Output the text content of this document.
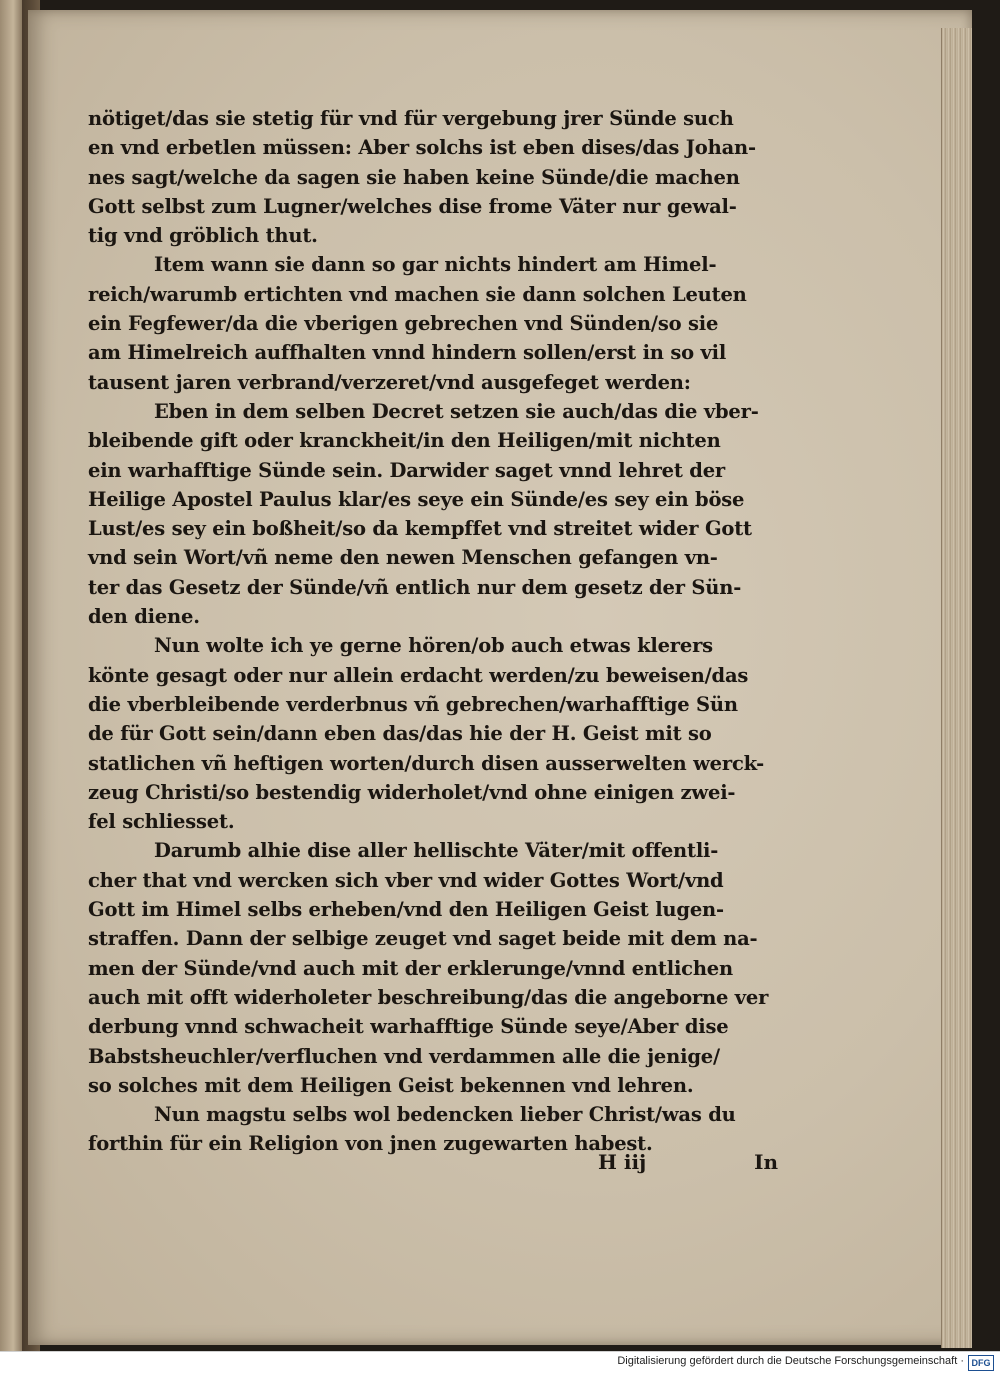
nötiget/das sie stetig für vnd für vergebung jrer Sünde such
en vnd erbetlen müssen: Aber solchs ist eben dises/das Johan-
nes sagt/welche da sagen sie haben keine Sünde/die machen
Gott selbst zum Lugner/welches dise frome Väter nur gewal-
tig vnd gröblich thut.
Item wann sie dann so gar nichts hindert am Himel-
reich/warumb ertichten vnd machen sie dann solchen Leuten
ein Fegfewer/da die vberigen gebrechen vnd Sünden/so sie
am Himelreich auffhalten vnnd hindern sollen/erst in so vil
tausent jaren verbrand/verzeret/vnd ausgefeget werden:
Eben in dem selben Decret setzen sie auch/das die vber-
bleibende gift oder kranckheit/in den Heiligen/mit nichten
ein warhafftige Sünde sein. Darwider saget vnnd lehret der
Heilige Apostel Paulus klar/es seye ein Sünde/es sey ein böse
Lust/es sey ein boßheit/so da kempffet vnd streitet wider Gott
vnd sein Wort/vñ neme den newen Menschen gefangen vn-
ter das Gesetz der Sünde/vñ entlich nur dem gesetz der Sün-
den diene.
Nun wolte ich ye gerne hören/ob auch etwas klerers
könte gesagt oder nur allein erdacht werden/zu beweisen/das
die vberbleibende verderbnus vñ gebrechen/warhafftige Sün
de für Gott sein/dann eben das/das hie der H. Geist mit so
statlichen vñ heftigen worten/durch disen ausserwelten werck-
zeug Christi/so bestendig widerholet/vnd ohne einigen zwei-
fel schliesset.
Darumb alhie dise aller hellischte Väter/mit offentli-
cher that vnd wercken sich vber vnd wider Gottes Wort/vnd
Gott im Himel selbs erheben/vnd den Heiligen Geist lugen-
straffen. Dann der selbige zeuget vnd saget beide mit dem na-
men der Sünde/vnd auch mit der erklerunge/vnnd entlichen
auch mit offt widerholeter beschreibung/das die angeborne ver
derbung vnnd schwacheit warhafftige Sünde seye/Aber dise
Babstsheuchler/verfluchen vnd verdammen alle die jenige/
so solches mit dem Heiligen Geist bekennen vnd lehren.
Nun magstu selbs wol bedencken lieber Christ/was du
forthin für ein Religion von jnen zugewarten habest.
H iij	In
Digitalisierung gefördert durch die Deutsche Forschungsgemeinschaft · DFG
